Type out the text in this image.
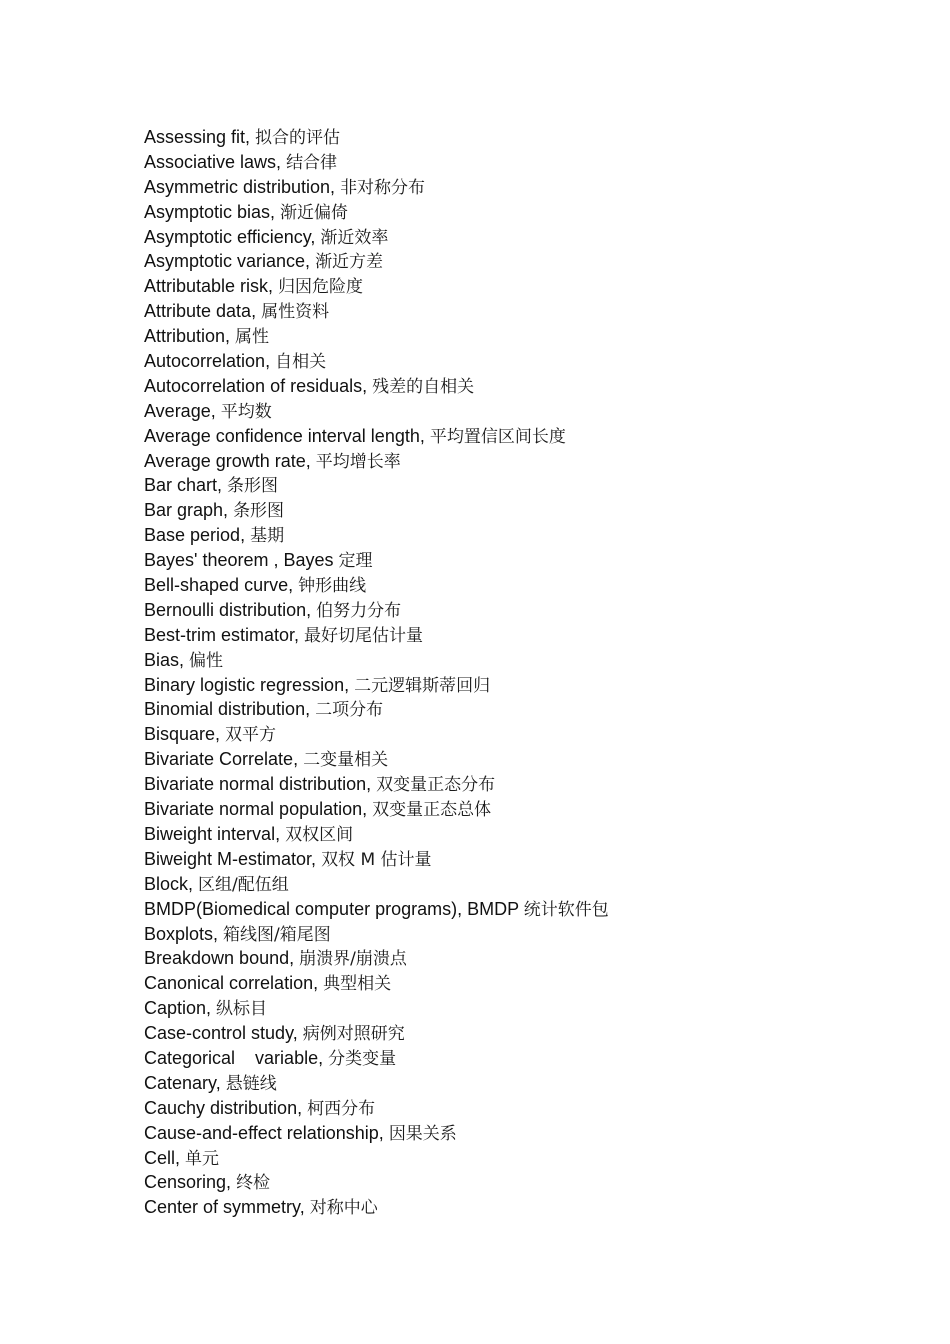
Assessing fit, 拟合的评估
Associative laws, 结合律
Asymmetric distribution, 非对称分布
Asymptotic bias, 渐近偏倚
Asymptotic efficiency, 渐近效率
Asymptotic variance, 渐近方差
Attributable risk, 归因危险度
Attribute data, 属性资料
Attribution, 属性
Autocorrelation, 自相关
Autocorrelation of residuals, 残差的自相关
Average, 平均数
Average confidence interval length, 平均置信区间长度
Average growth rate, 平均增长率
Bar chart, 条形图
Bar graph, 条形图
Base period, 基期
Bayes' theorem , Bayes 定理
Bell-shaped curve, 钟形曲线
Bernoulli distribution, 伯努力分布
Best-trim estimator, 最好切尾估计量
Bias, 偏性
Binary logistic regression, 二元逻辑斯蒂回归
Binomial distribution, 二项分布
Bisquare, 双平方
Bivariate Correlate, 二变量相关
Bivariate normal distribution, 双变量正态分布
Bivariate normal population, 双变量正态总体
Biweight interval, 双权区间
Biweight M-estimator, 双权 M 估计量
Block, 区组/配伍组
BMDP(Biomedical computer programs), BMDP 统计软件包
Boxplots, 箱线图/箱尾图
Breakdown bound, 崩溃界/崩溃点
Canonical correlation, 典型相关
Caption, 纵标目
Case-control study, 病例对照研究
Categorical    variable, 分类变量
Catenary, 悬链线
Cauchy distribution, 柯西分布
Cause-and-effect relationship, 因果关系
Cell, 单元
Censoring, 终检
Center of symmetry, 对称中心
